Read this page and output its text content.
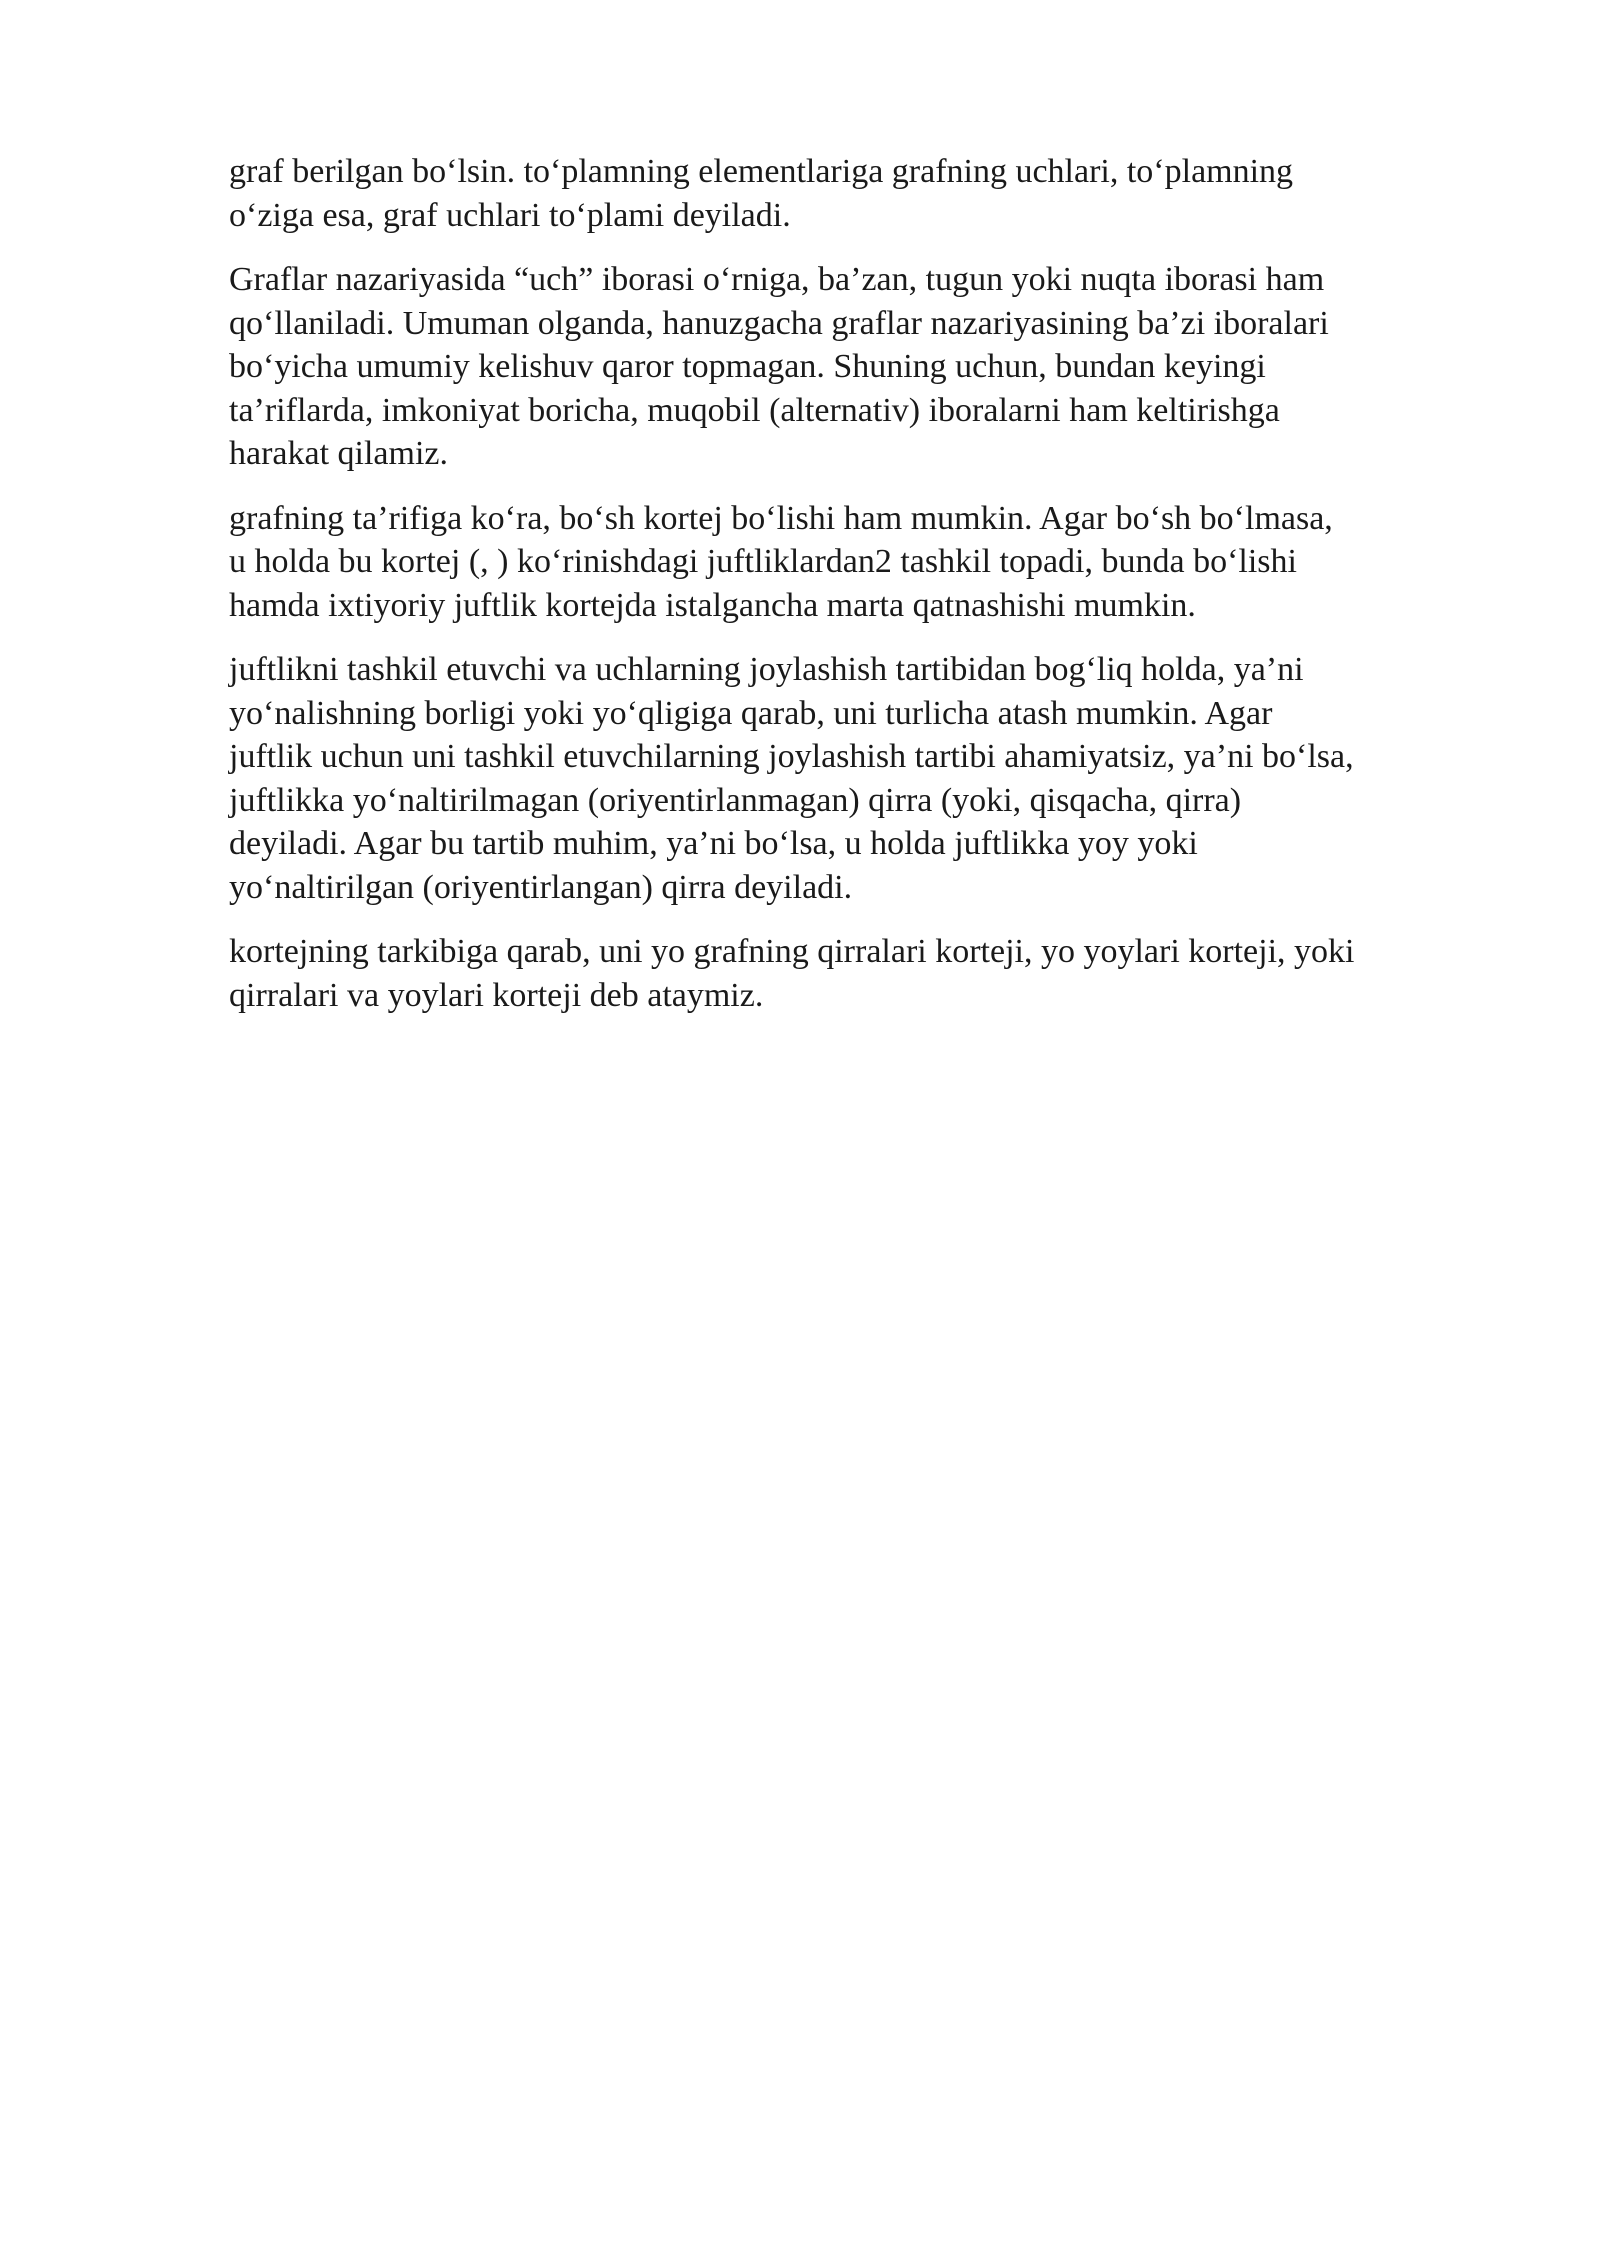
graf berilgan bo‘lsin. to‘plamning elementlariga grafning uchlari, to‘plamning
o‘ziga esa, graf uchlari to‘plami deyiladi.

Graflar nazariyasida “uch” iborasi o‘rniga, ba’zan, tugun yoki nuqta iborasi ham
qo‘llaniladi. Umuman olganda, hanuzgacha graflar nazariyasining ba’zi iboralari
bo‘yicha umumiy kelishuv qaror topmagan. Shuning uchun, bundan keyingi
ta’riflarda, imkoniyat boricha, muqobil (alternativ) iboralarni ham keltirishga
harakat qilamiz.

grafning ta’rifiga ko‘ra, bo‘sh kortej bo‘lishi ham mumkin. Agar bo‘sh bo‘lmasa,
u holda bu kortej (, ) ko‘rinishdagi juftliklardan2 tashkil topadi, bunda bo‘lishi
hamda ixtiyoriy juftlik kortejda istalgancha marta qatnashishi mumkin.

juftlikni tashkil etuvchi va uchlarning joylashish tartibidan bog‘liq holda, ya’ni
yo‘nalishning borligi yoki yo‘qligiga qarab, uni turlicha atash mumkin. Agar
juftlik uchun uni tashkil etuvchilarning joylashish tartibi ahamiyatsiz, ya’ni bo‘lsa,
juftlikka yo‘naltirilmagan (oriyentirlanmagan) qirra (yoki, qisqacha, qirra)
deyiladi. Agar bu tartib muhim, ya’ni bo‘lsa, u holda juftlikka yoy yoki
yo‘naltirilgan (oriyentirlangan) qirra deyiladi.

kortejning tarkibiga qarab, uni yo grafning qirralari korteji, yo yoylari korteji, yoki
qirralari va yoylari korteji deb ataymiz.
